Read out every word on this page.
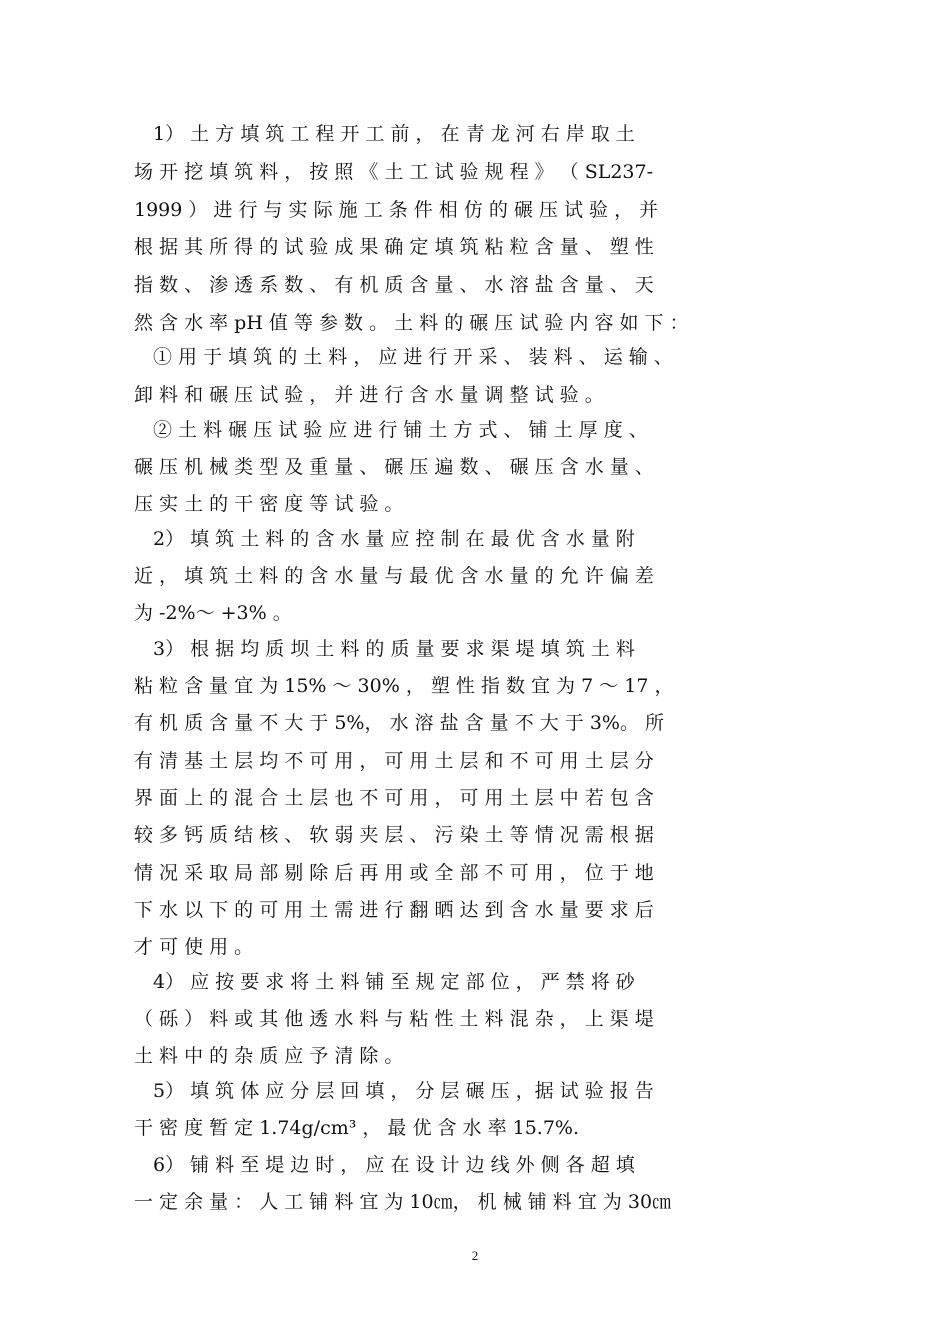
　1） 土 方 填 筑 工 程 开 工 前 ， 在 青 龙 河 右 岸 取 土
场 开 挖 填 筑 料 ， 按 照 《 土 工 试 验 规 程 》 （ SL237-
1999 ） 进 行 与 实 际 施 工 条 件 相 仿 的 碾 压 试 验 ， 并
根 据 其 所 得 的 试 验 成 果 确 定 填 筑 粘 粒 含 量 、 塑 性
指 数 、 渗 透 系 数 、 有 机 质 含 量 、 水 溶 盐 含 量 、 天
然 含 水 率 pH 值 等 参 数 。 土 料 的 碾 压 试 验 内 容 如 下 ：
　① 用 于 填 筑 的 土 料 ， 应 进 行 开 采 、 装 料 、 运 输 、
卸 料 和 碾 压 试 验 ， 并 进 行 含 水 量 调 整 试 验 。
　② 土 料 碾 压 试 验 应 进 行 铺 土 方 式 、 铺 土 厚 度 、
碾 压 机 械 类 型 及 重 量 、 碾 压 遍 数 、 碾 压 含 水 量 、
压 实 土 的 干 密 度 等 试 验 。
　2） 填 筑 土 料 的 含 水 量 应 控 制 在 最 优 含 水 量 附
近 ， 填 筑 土 料 的 含 水 量 与 最 优 含 水 量 的 允 许 偏 差
为 -2%～ +3% 。
　3） 根 据 均 质 坝 土 料 的 质 量 要 求 渠 堤 填 筑 土 料
粘 粒 含 量 宜 为 15% ～ 30% ， 塑 性 指 数 宜 为 7 ～ 17 ，
有 机 质 含 量 不 大 于 5%， 水 溶 盐 含 量 不 大 于 3%。 所
有 清 基 土 层 均 不 可 用 ， 可 用 土 层 和 不 可 用 土 层 分
界 面 上 的 混 合 土 层 也 不 可 用 ， 可 用 土 层 中 若 包 含
较 多 钙 质 结 核 、 软 弱 夹 层 、 污 染 土 等 情 况 需 根 据
情 况 采 取 局 部 剔 除 后 再 用 或 全 部 不 可 用 ， 位 于 地
下 水 以 下 的 可 用 土 需 进 行 翻 晒 达 到 含 水 量 要 求 后
才 可 使 用 。
　4） 应 按 要 求 将 土 料 铺 至 规 定 部 位 ， 严 禁 将 砂
（ 砾 ） 料 或 其 他 透 水 料 与 粘 性 土 料 混 杂 ， 上 渠 堤
土 料 中 的 杂 质 应 予 清 除 。
　5） 填 筑 体 应 分 层 回 填 ， 分 层 碾 压 ，据 试 验 报 告
干 密 度 暂 定 1.74g/cm³ ， 最 优 含 水 率 15.7%.
　6） 铺 料 至 堤 边 时 ， 应 在 设 计 边 线 外 侧 各 超 填
一 定 余 量 ： 人 工 铺 料 宜 为 10㎝， 机 械 铺 料 宜 为 30㎝
2
